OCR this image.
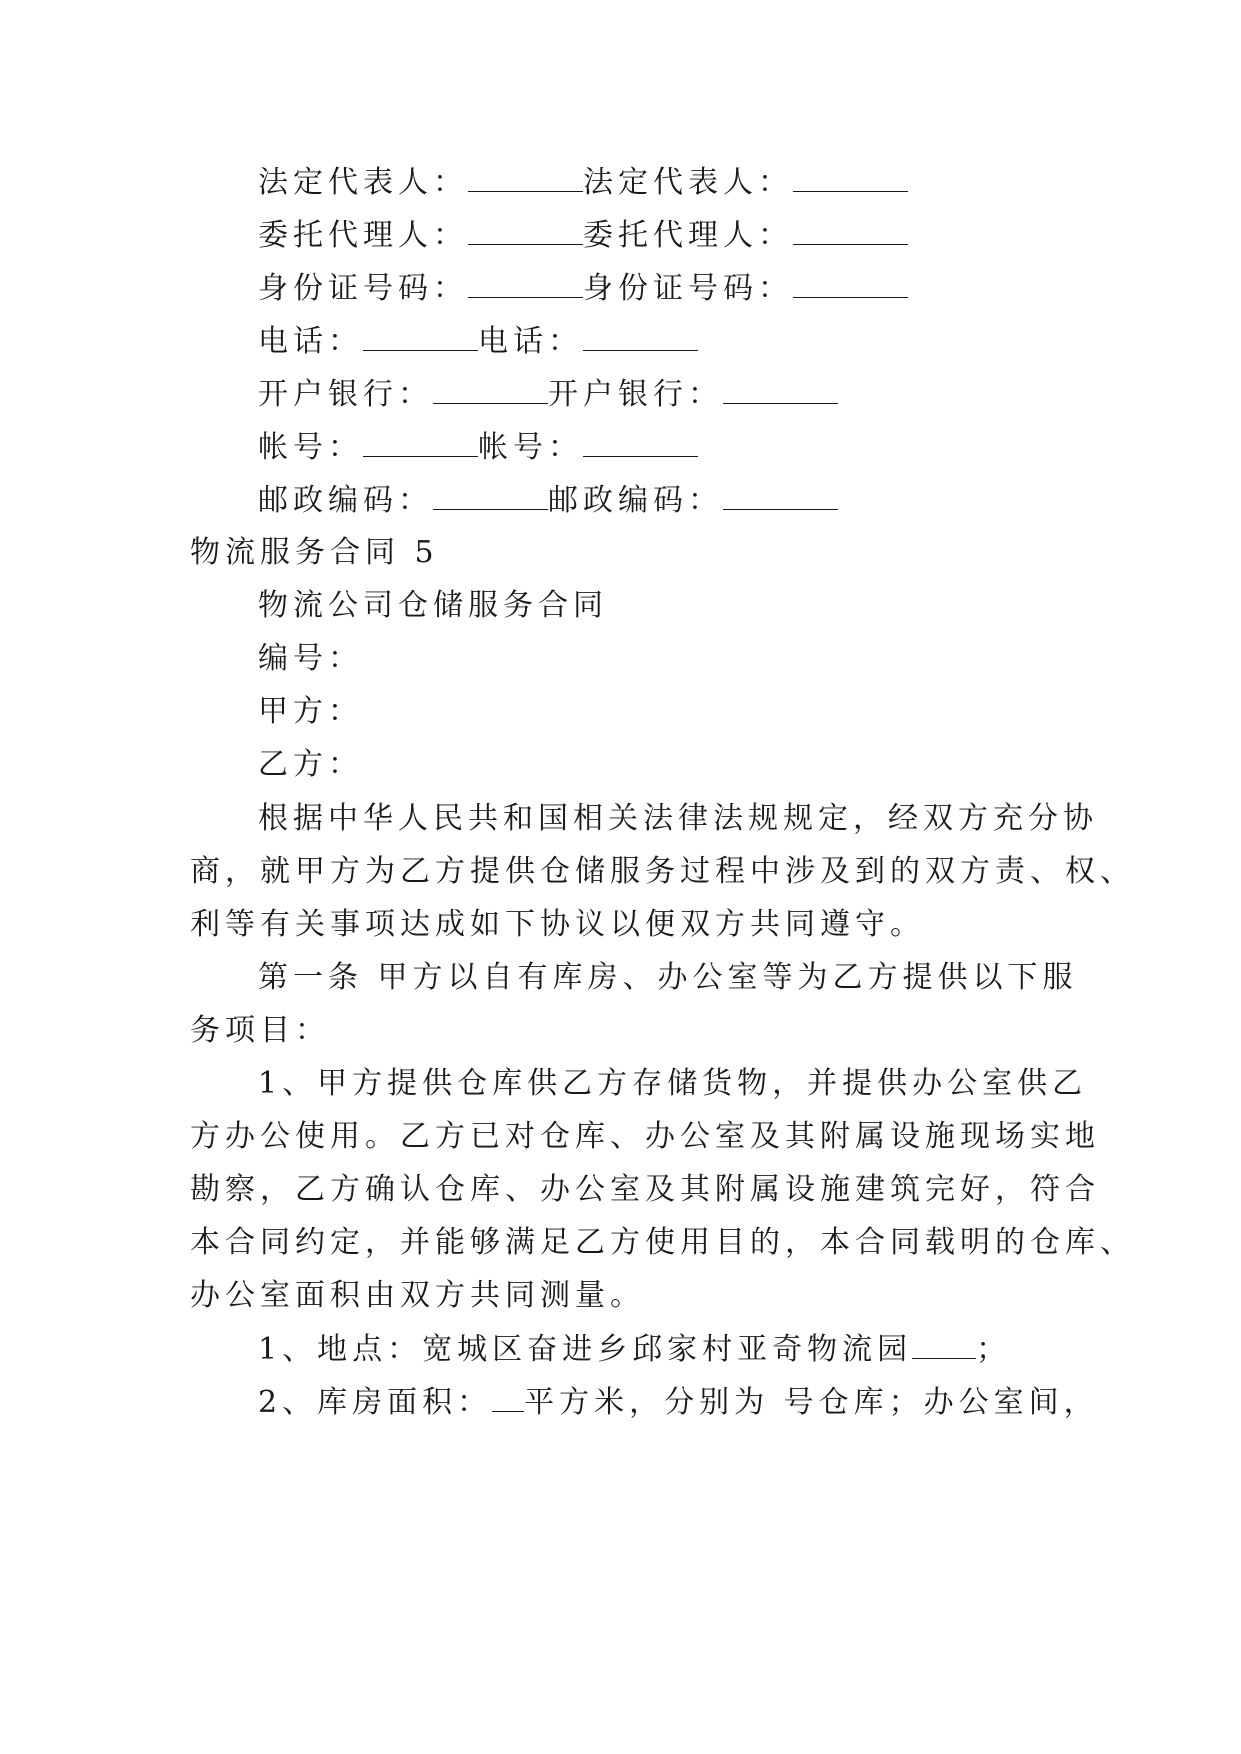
法定代表人：	法定代表人：
委托代理人：	委托代理人：
身份证号码：	身份证号码：
电话：	电话：
开户银行：	开户银行：
帐号：	帐号：
邮政编码：	邮政编码：
物流服务合同 5
物流公司仓储服务合同
编号：
甲方：
乙方：
根据中华人民共和国相关法律法规规定，经双方充分协
商，就甲方为乙方提供仓储服务过程中涉及到的双方责、权、
利等有关事项达成如下协议以便双方共同遵守。
第一条 甲方以自有库房、办公室等为乙方提供以下服
务项目：
1、甲方提供仓库供乙方存储货物，并提供办公室供乙
方办公使用。乙方已对仓库、办公室及其附属设施现场实地
勘察，乙方确认仓库、办公室及其附属设施建筑完好，符合
本合同约定，并能够满足乙方使用目的，本合同载明的仓库、
办公室面积由双方共同测量。
1、地点：宽城区奋进乡邱家村亚奇物流园 ；
2、库房面积： 平方米，分别为 号仓库；办公室间，
